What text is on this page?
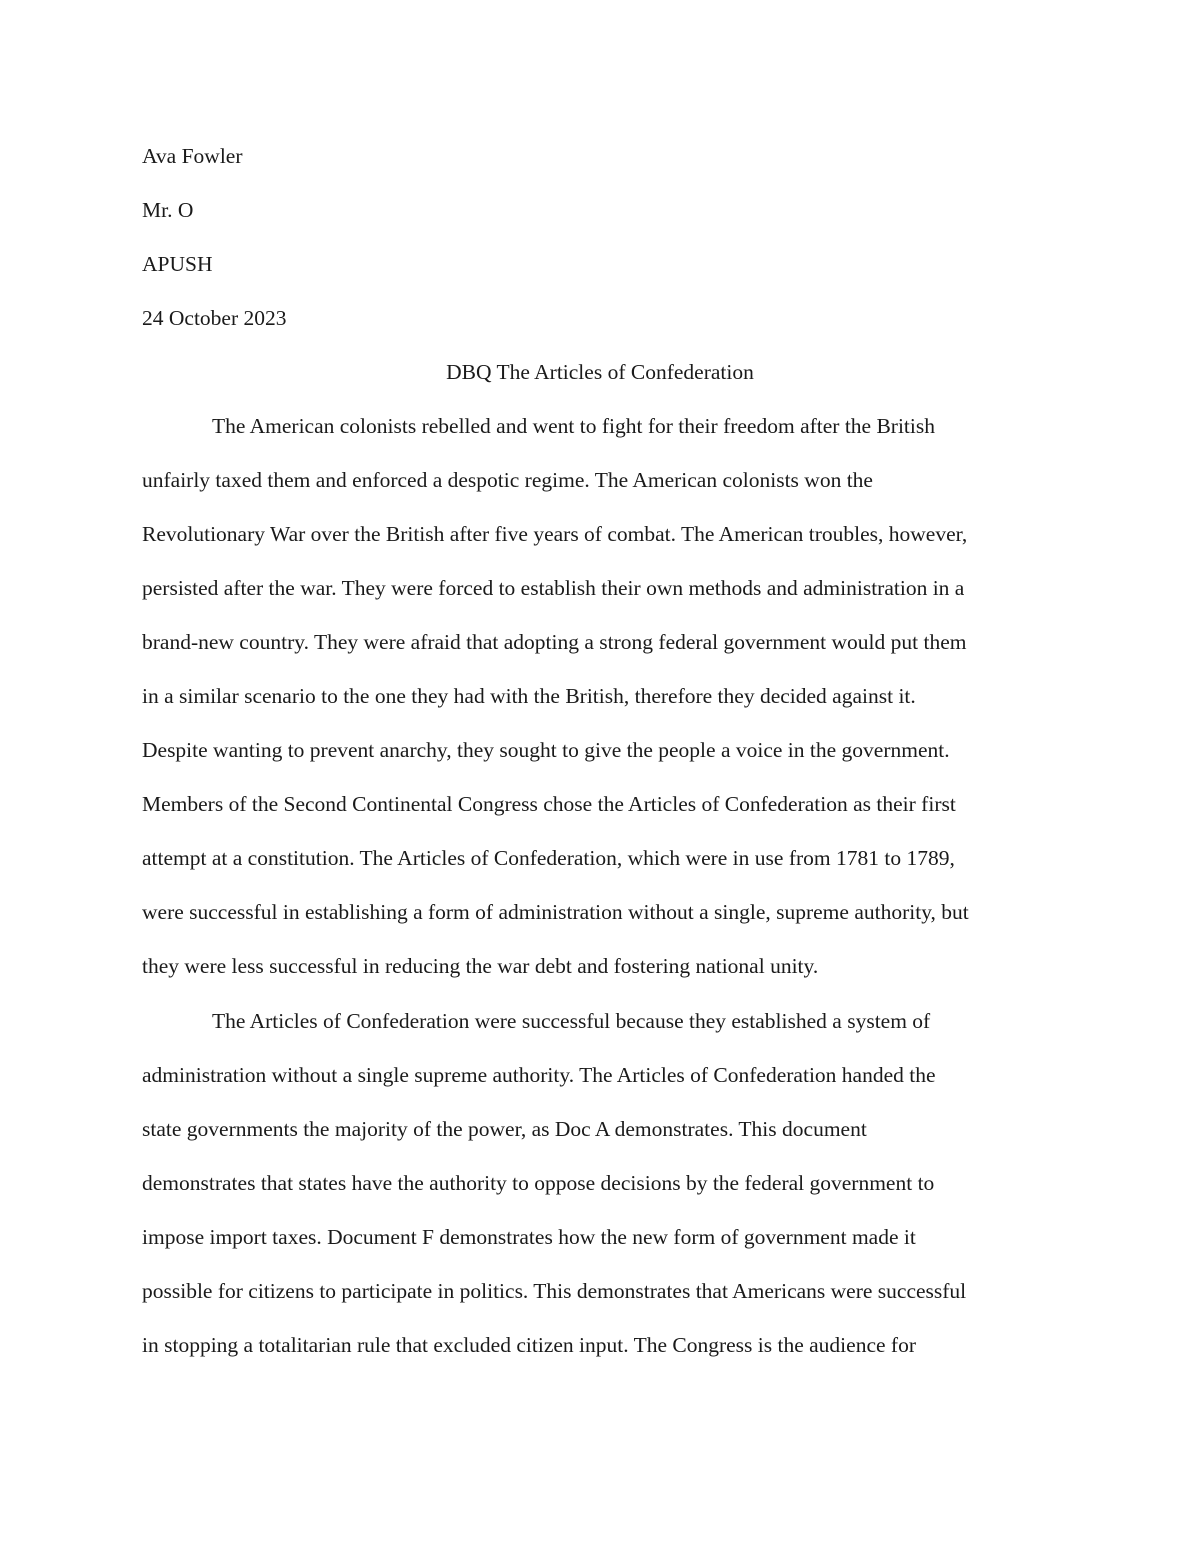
Ava Fowler
Mr. O
APUSH
24 October 2023
DBQ The Articles of Confederation
The American colonists rebelled and went to fight for their freedom after the British
unfairly taxed them and enforced a despotic regime. The American colonists won the
Revolutionary War over the British after five years of combat. The American troubles, however,
persisted after the war. They were forced to establish their own methods and administration in a
brand-new country. They were afraid that adopting a strong federal government would put them
in a similar scenario to the one they had with the British, therefore they decided against it.
Despite wanting to prevent anarchy, they sought to give the people a voice in the government.
Members of the Second Continental Congress chose the Articles of Confederation as their first
attempt at a constitution. The Articles of Confederation, which were in use from 1781 to 1789,
were successful in establishing a form of administration without a single, supreme authority, but
they were less successful in reducing the war debt and fostering national unity.
The Articles of Confederation were successful because they established a system of
administration without a single supreme authority. The Articles of Confederation handed the
state governments the majority of the power, as Doc A demonstrates. This document
demonstrates that states have the authority to oppose decisions by the federal government to
impose import taxes. Document F demonstrates how the new form of government made it
possible for citizens to participate in politics. This demonstrates that Americans were successful
in stopping a totalitarian rule that excluded citizen input. The Congress is the audience for
